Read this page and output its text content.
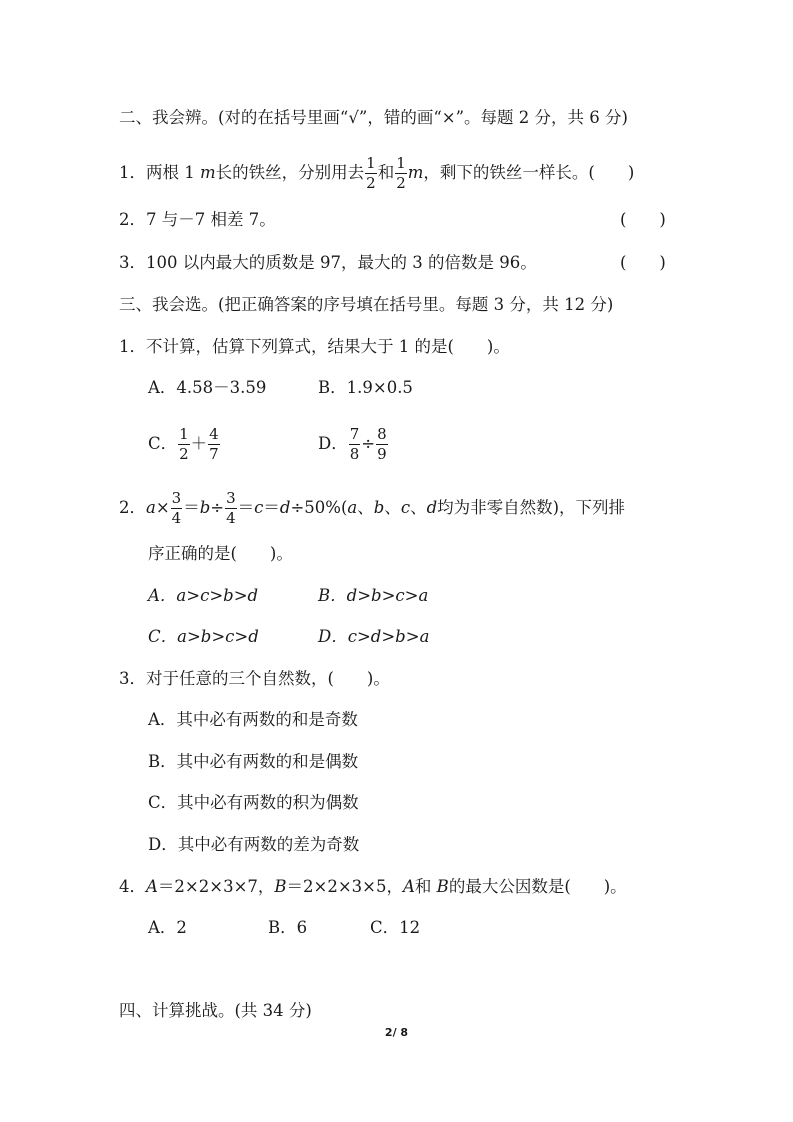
二、我会辨。(对的在括号里画“√”，错的画“×”。每题 2 分，共 6 分)
1．两根 1 m长的铁丝，分别用去 $\frac{1}{2}$ 和 $\frac{1}{2}$ m，剩下的铁丝一样长。(　　)
2．7 与－7 相差 7。	(　　)
3．100 以内最大的质数是 97，最大的 3 的倍数是 96。	(　　)
三、我会选。(把正确答案的序号填在括号里。每题 3 分，共 12 分)
1．不计算，估算下列算式，结果大于 1 的是(　　)。
A．4.58－3.59	B．1.9×0.5
C． $\frac{1}{2} + \frac{4}{7}$	D． $\frac{7}{8} \div \frac{8}{9}$
2．$a\times \frac{3}{4} =b\div \frac{3}{4} =c=d\div 50\%(a$、b、c、d均为非零自然数)，下列排
序正确的是(　　)。
A．a>c>b>d	B．d>b>c>a
C．a>b>c>d	D．c>d>b>a
3．对于任意的三个自然数，(　　)。
A．其中必有两数的和是奇数
B．其中必有两数的和是偶数
C．其中必有两数的积为偶数
D．其中必有两数的差为奇数
4．A＝2×2×3×7，B＝2×2×3×5，A和 B的最大公因数是(　　)。
A．2	B．6	C．12
四、计算挑战。(共 34 分)
2/ 8
